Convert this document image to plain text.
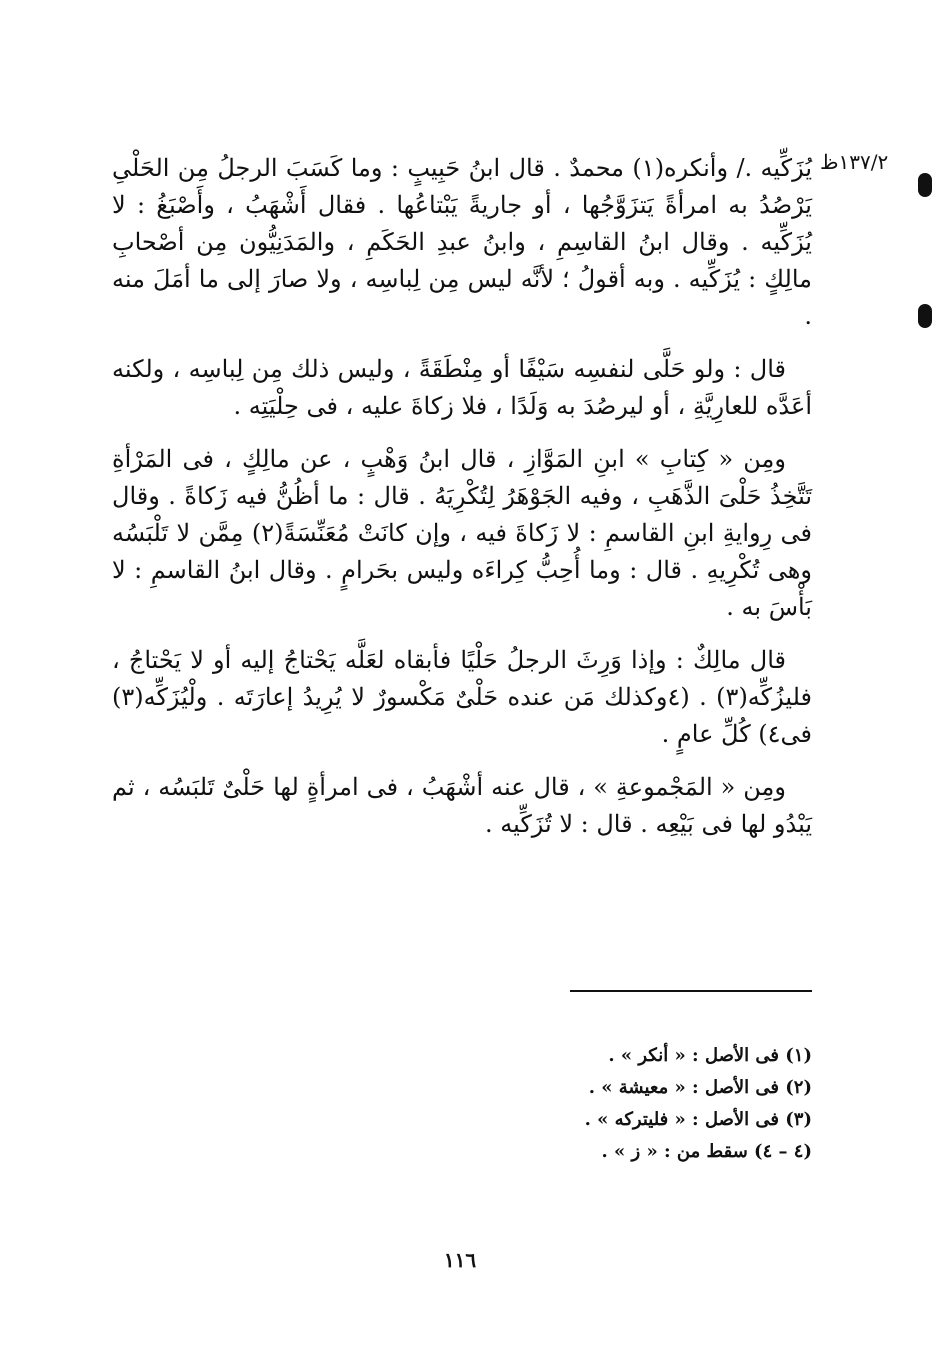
١٣٧/٢ظ

يُزَكِّيه ./ وأنكره(١) محمدٌ . قال ابنُ حَبِيبٍ : وما كَسَبَ الرجلُ مِن الحَلْىِ يَرْصُدُ به امرأةً يَتزَوَّجُها ، أو جاريةً يَبْتاعُها . فقال أَشْهَبُ ، وأَصْبَغُ : لا يُزَكِّيه . وقال ابنُ القاسِمِ ، وابنُ عبدِ الحَكَمِ ، والمَدَنِيُّون مِن أصْحابِ مالِكٍ : يُزَكِّيه . وبه أقولُ ؛ لأنَّه ليس مِن لِباسِه ، ولا صارَ إلى ما أمَلَ منه .

قال : ولو حَلَّى لنفسِه سَيْفًا أو مِنْطَقَةً ، وليس ذلك مِن لِباسِه ، ولكنه أعَدَّه للعارِيَّةِ ، أو ليرصُدَ به وَلَدًا ، فلا زكاةَ عليه ، فى حِلْيَتِه .

ومِن « كِتابِ » ابنِ المَوَّازِ ، قال ابنُ وَهْبٍ ، عن مالِكٍ ، فى المَرْأةِ تَتَّخِذُ حَلْىَ الذَّهَبِ ، وفيه الجَوْهَرُ لِتُكْرِيَهُ . قال : ما أظُنُّ فيه زَكاةً . وقال فى رِوايةِ ابنِ القاسمِ : لا زَكاةَ فيه ، وإن كانَتْ مُعَنِّسَةً(٢) مِمَّن لا تَلْبَسُه وهى تُكْرِيهِ . قال : وما أُحِبُّ كِراءَه وليس بحَرامٍ . وقال ابنُ القاسمِ : لا بَأْسَ به .

قال مالِكٌ : وإذا وَرِثَ الرجلُ حَلْيًا فأبقاه لعَلَّه يَحْتاجُ إليه أو لا يَحْتاجُ ، فليزُكِّه(٣) . (٤وكذلك مَن عنده حَلْىٌ مَكْسورٌ لا يُرِيدُ إعارَتَه . ولْيُزَكِّه(٣) فى٤) كُلِّ عامٍ .

ومِن « المَجْموعةِ » ، قال عنه أشْهَبُ ، فى امرأةٍ لها حَلْىٌ تَلبَسُه ، ثم يَبْدُو لها فى بَيْعِه . قال : لا تُزَكِّيه .

(١) فى الأصل : « أنكر » .

(٢) فى الأصل : « معيشة » .

(٣) فى الأصل : « فليتركه » .

(٤ – ٤) سقط من : « ز » .

١١٦
